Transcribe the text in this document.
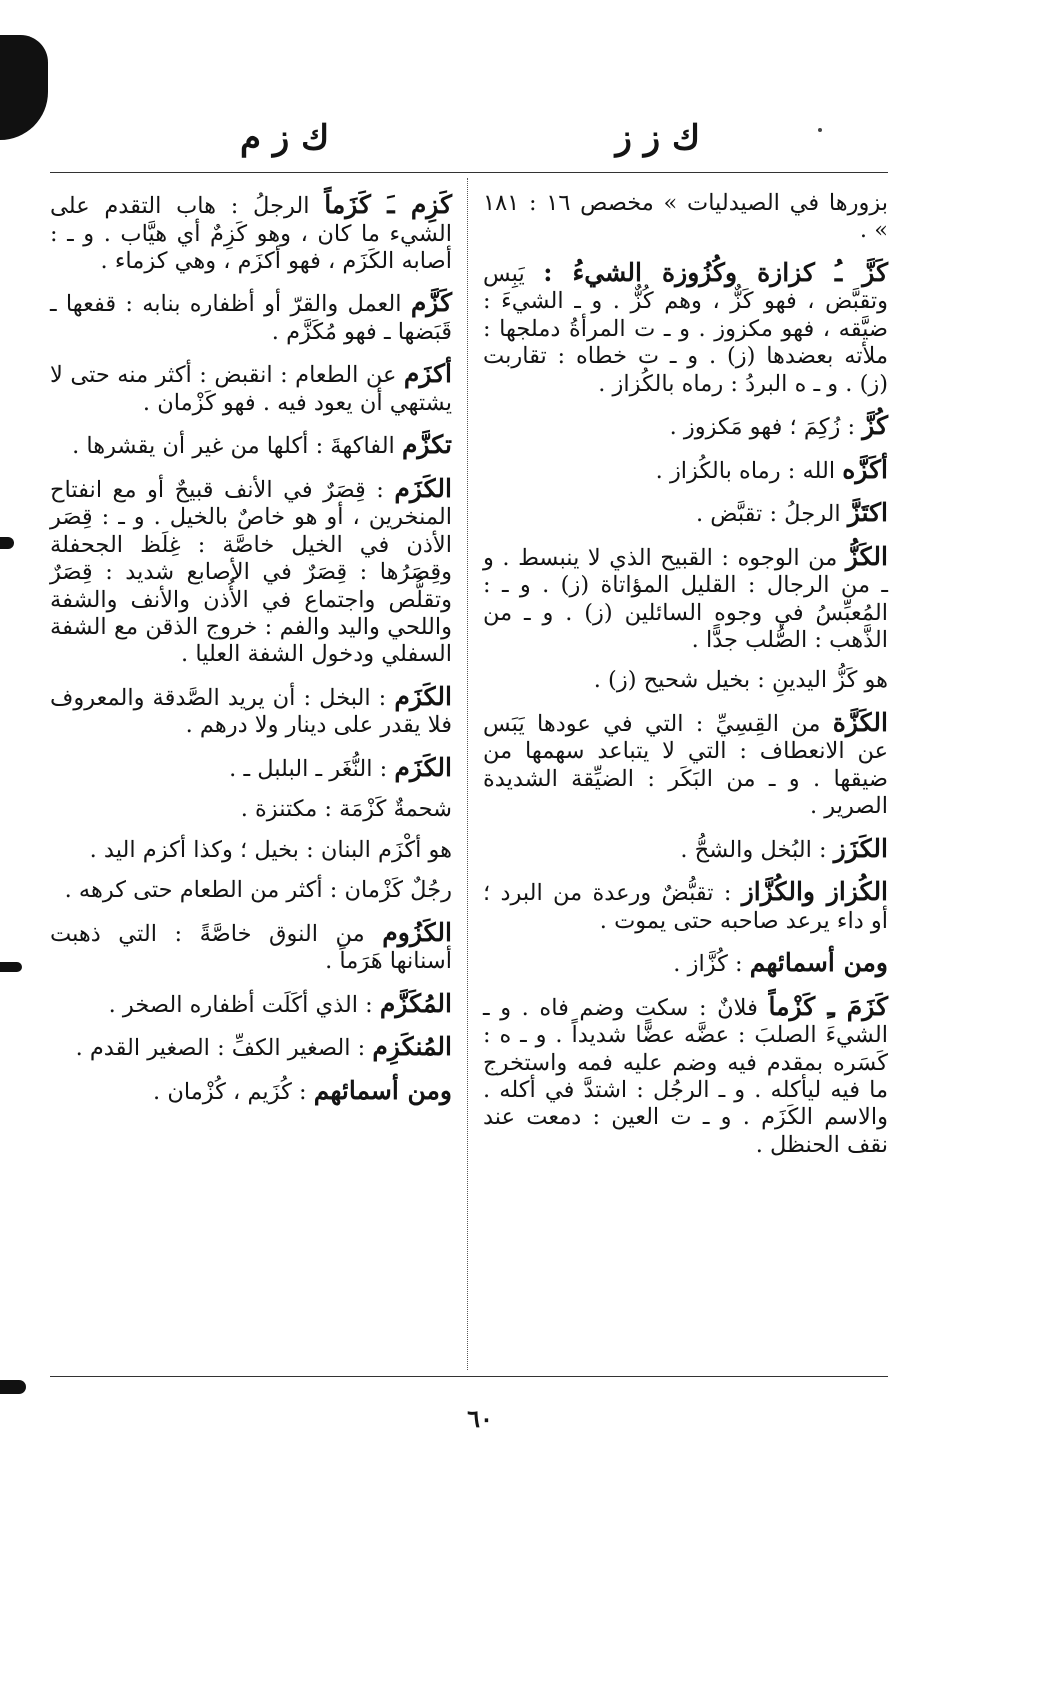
ك ز ز
ك ز م

بزورها في الصيدليات » مخصص ١٦ : ١٨١ » .

كَزَّ ـُ كزازة وكُزُوزة الشيءُ : يَبِس وتقبَّض ، فهو كَزٌّ ، وهم كُزٌّ . و ـ الشيءَ : ضيَّقه ، فهو مكزوز . و ـ ت المرأةُ دملجها : ملأته بعضدها (ز) . و ـ ت خطاه : تقاربت (ز) . و ـ ه البردُ : رماه بالكُزاز .

كُزَّ : زُكِمَ ؛ فهو مَكزوز .

أكَزَّه الله : رماه بالكُزاز .

اكتَزَّ الرجلُ : تقبَّض .

الكَزُّ من الوجوه : القبيح الذي لا ينبسط . و ـ من الرجال : القليل المؤاتاة (ز) . و ـ : المُعبِّسُ في وجوه السائلين (ز) . و ـ من الذَّهب : الصُّلب جدًّا .

هو كَزُّ اليدينِ : بخيل شحيح (ز) .

الكَزَّة من القِسِيِّ : التي في عودها يَبَس عن الانعطاف : التي لا يتباعد سهمها من ضيقها . و ـ من البَكَر : الضيِّقة الشديدة الصرير .

الكَزَز : البُخل والشحُّ .

الكُزاز والكُزَّاز : تقبُّضٌ ورعدة من البرد ؛ أو داء يرعد صاحبه حتى يموت .

ومن أسمائهم : كُزَّاز .

كَزَمَ ـِ كَزْماً فلانٌ : سكت وضم فاه . و ـ الشيءَ الصلبَ : عضَّه عضًّا شديداً . و ـ ه : كَسَره بمقدم فيه وضم عليه فمه واستخرج ما فيه ليأكله . و ـ الرجُل : اشتدَّ في أكله . والاسم الكَزَم . و ـ ت العين : دمعت عند نقف الحنظل .

كَزِم ـَ كَزَماً الرجلُ : هاب التقدم على الشيء ما كان ، وهو كَزِمٌ أي هيَّاب . و ـ : أصابه الكَزَم ، فهو أكزَم ، وهي كزماء .

كَزَّم العمل والقرّ أو أظفاره بنابه : قفعها ـ قَبَضها ـ فهو مُكَزَّم .

أكزَم عن الطعام : انقبض : أكثر منه حتى لا يشتهي أن يعود فيه . فهو كَزْمان .

تكزَّم الفاكهةَ : أكلها من غير أن يقشرها .

الكَزَم : قِصَرٌ في الأنف قبيحٌ أو مع انفتاح المنخرين ، أو هو خاصٌ بالخيل . و ـ : قِصَر الأذن في الخيل خاصَّة : غِلَظ الجحفلة وقِصَرُها : قِصَرٌ في الأصابع شديد : قِصَرٌ وتقلُّص واجتماع في الأُذن والأنف والشفة واللحي واليد والفم : خروج الذقن مع الشفة السفلي ودخول الشفة العليا .

الكَزَم : البخل : أن يريد الصَّدقة والمعروف فلا يقدر على دينار ولا درهم .

الكَزَم : النُّغَر ـ البلبل ـ .

شحمةٌ كَزْمَة : مكتنزة .

هو أكْزَم البنان : بخيل ؛ وكذا أكزم اليد .

رجُلٌ كَزْمان : أكثر من الطعام حتى كرهه .

الكَزُوم من النوق خاصَّةً : التي ذهبت أسنانها هَرَماً .

المُكَزَّم : الذي أكَلَت أظفاره الصخر .

المُنكَزِم : الصغير الكفِّ : الصغير القدم .

ومن أسمائهم : كُزَيم ، كُزْمان .

٦٠
